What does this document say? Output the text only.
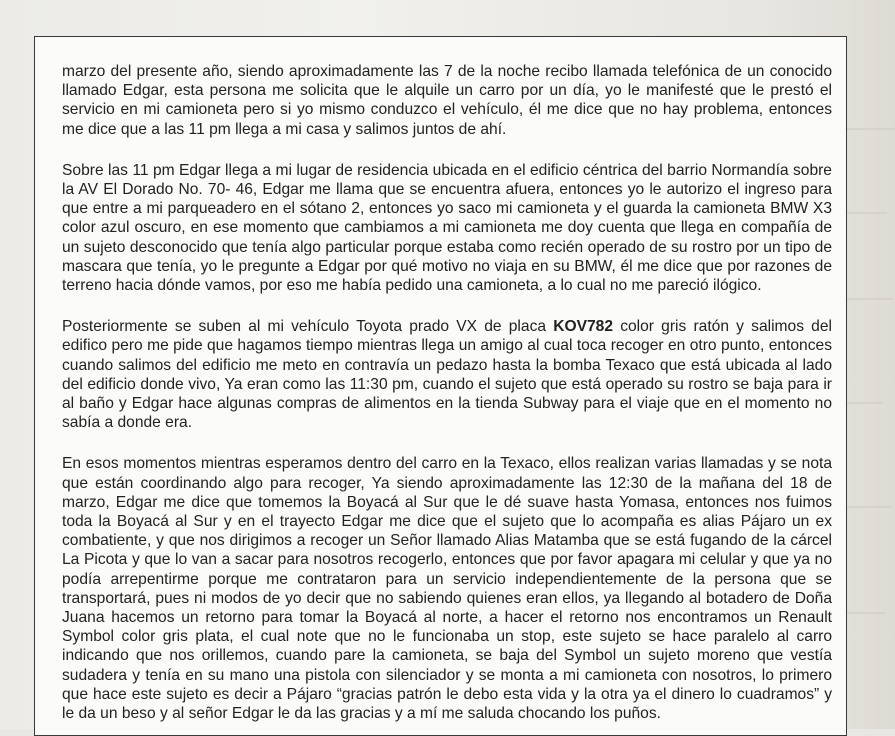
marzo del presente año, siendo aproximadamente las 7 de la noche recibo llamada telefónica de un conocido llamado Edgar, esta persona me solicita que le alquile un carro por un día, yo le manifesté que le prestó el servicio en mi camioneta pero si yo mismo conduzco el vehículo, él me dice que no hay problema, entonces me dice que a las 11 pm llega a mi casa y salimos juntos de ahí.

Sobre las 11 pm Edgar llega a mi lugar de residencia ubicada en el edificio céntrica del barrio Normandía sobre la AV El Dorado No. 70- 46, Edgar me llama que se encuentra afuera, entonces yo le autorizo el ingreso para que entre a mi parqueadero en el sótano 2, entonces yo saco mi camioneta y el guarda la camioneta BMW X3 color azul oscuro, en ese momento que cambiamos a mi camioneta me doy cuenta que llega en compañía de un sujeto desconocido que tenía algo particular porque estaba como recién operado de su rostro por un tipo de mascara que tenía, yo le pregunte a Edgar por qué motivo no viaja en su BMW, él me dice que por razones de terreno hacia dónde vamos, por eso me había pedido una camioneta, a lo cual no me pareció ilógico.

Posteriormente se suben al mi vehículo Toyota prado VX de placa KOV782 color gris ratón y salimos del edifico pero me pide que hagamos tiempo mientras llega un amigo al cual toca recoger en otro punto, entonces cuando salimos del edificio me meto en contravía un pedazo hasta la bomba Texaco que está ubicada al lado del edificio donde vivo, Ya eran como las 11:30 pm, cuando el sujeto que está operado su rostro se baja para ir al baño y Edgar hace algunas compras de alimentos en la tienda Subway para el viaje que en el momento no sabía a donde era.

En esos momentos mientras esperamos dentro del carro en la Texaco, ellos realizan varias llamadas y se nota que están coordinando algo para recoger, Ya siendo aproximadamente las 12:30 de la mañana del 18 de marzo, Edgar me dice que tomemos la Boyacá al Sur que le dé suave hasta Yomasa, entonces nos fuimos toda la Boyacá al Sur y en el trayecto Edgar me dice que el sujeto que lo acompaña es alias Pájaro un ex combatiente, y que nos dirigimos a recoger un Señor llamado Alias Matamba que se está fugando de la cárcel La Picota y que lo van a sacar para nosotros recogerlo, entonces que por favor apagara mi celular y que ya no podía arrepentirme porque me contrataron para un servicio independientemente de la persona que se transportará, pues ni modos de yo decir que no sabiendo quienes eran ellos, ya llegando al botadero de Doña Juana hacemos un retorno para tomar la Boyacá al norte, a hacer el retorno nos encontramos un Renault Symbol color gris plata, el cual note que no le funcionaba un stop, este sujeto se hace paralelo al carro indicando que nos orillemos, cuando pare la camioneta, se baja del Symbol un sujeto moreno que vestía sudadera y tenía en su mano una pistola con silenciador y se monta a mi camioneta con nosotros, lo primero que hace este sujeto es decir a Pájaro “gracias patrón le debo esta vida y la otra ya el dinero lo cuadramos” y le da un beso y al señor Edgar le da las gracias y a mí me saluda chocando los puños.
